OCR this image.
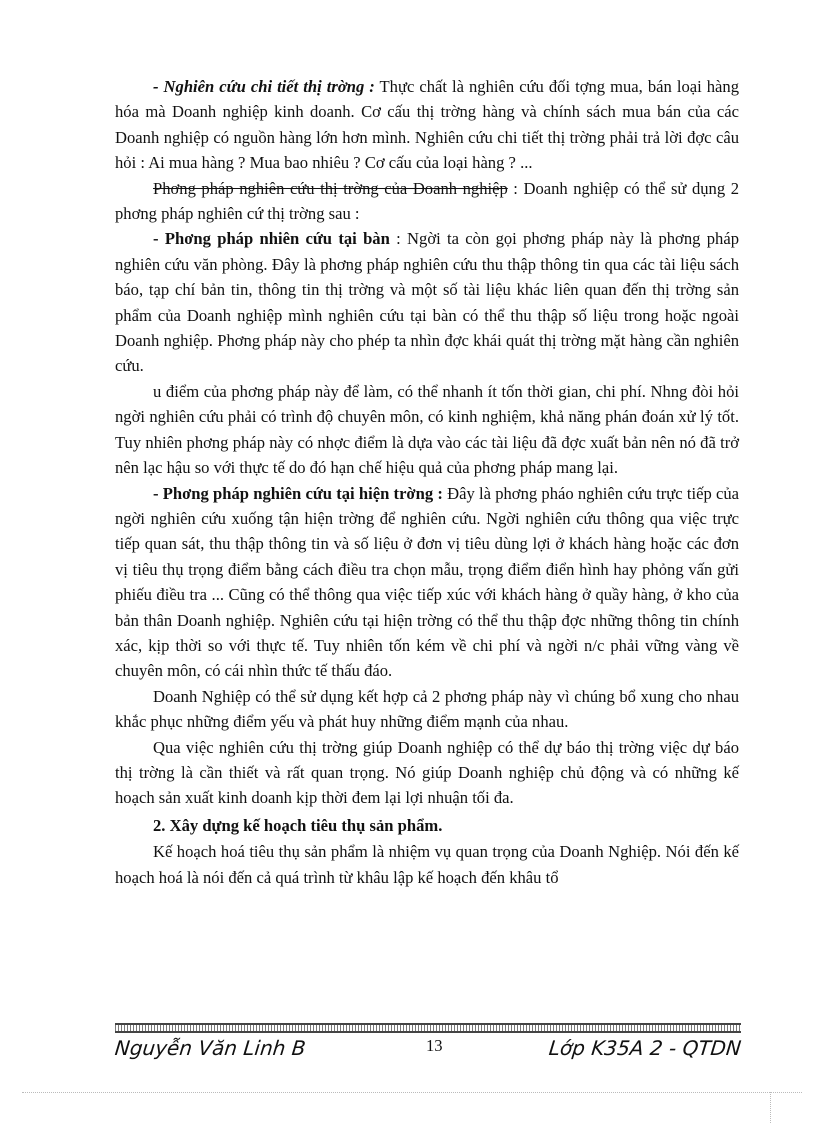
- Nghiên cứu chi tiết thị trờng : Thực chất là nghiên cứu đối tợng mua, bán loại hàng hóa mà Doanh nghiệp kinh doanh. Cơ cấu thị trờng hàng và chính sách mua bán của các Doanh nghiệp có nguồn hàng lớn hơn mình. Nghiên cứu chi tiết thị trờng phải trả lời đợc câu hỏi : Ai mua hàng ? Mua bao nhiêu ? Cơ cấu của loại hàng ? ...

Phơng pháp nghiên cứu thị trờng của Doanh nghiệp : Doanh nghiệp có thể sử dụng 2 phơng pháp nghiên cứ thị trờng sau :

- Phơng pháp nhiên cứu tại bàn : Ngời ta còn gọi phơng pháp này là phơng pháp nghiên cứu văn phòng. Đây là phơng pháp nghiên cứu thu thập thông tin qua các tài liệu sách báo, tạp chí bản tin, thông tin thị trờng và một số tài liệu khác liên quan đến thị trờng sản phẩm của Doanh nghiệp mình nghiên cứu tại bàn có thể thu thập số liệu trong hoặc ngoài Doanh nghiệp. Phơng pháp này cho phép ta nhìn đợc khái quát thị trờng mặt hàng cần nghiên cứu.

u điểm của phơng pháp này để làm, có thể nhanh ít tốn thời gian, chi phí. Nhng đòi hỏi ngời nghiên cứu phải có trình độ chuyên môn, có kinh nghiệm, khả năng phán đoán xử lý tốt. Tuy nhiên phơng pháp này có nhợc điểm là dựa vào các tài liệu đã đợc xuất bản nên nó đã trở nên lạc hậu so với thực tế do đó hạn chế hiệu quả của phơng pháp mang lại.

- Phơng pháp nghiên cứu tại hiện trờng : Đây là phơng pháo nghiên cứu trực tiếp của ngời nghiên cứu xuống tận hiện trờng để nghiên cứu. Ngời nghiên cứu thông qua việc trực tiếp quan sát, thu thập thông tin và số liệu ở đơn vị tiêu dùng lợi ở khách hàng hoặc các đơn vị tiêu thụ trọng điểm bằng cách điều tra chọn mẫu, trọng điểm điển hình hay phỏng vấn gửi phiếu điều tra ... Cũng có thể thông qua việc tiếp xúc với khách hàng ở quầy hàng, ở kho của bản thân Doanh nghiệp. Nghiên cứu tại hiện trờng có thể thu thập đợc những thông tin chính xác, kịp thời so với thực tế. Tuy nhiên tốn kém về chi phí và ngời n/c phải vững vàng về chuyên môn, có cái nhìn thức tế thấu đáo.

Doanh Nghiệp có thể sử dụng kết hợp cả 2 phơng pháp này vì chúng bổ xung cho nhau khắc phục những điểm yếu và phát huy những điểm mạnh của nhau.

Qua việc nghiên cứu thị trờng giúp Doanh nghiệp có thể dự báo thị trờng việc dự báo thị trờng là cần thiết và rất quan trọng. Nó giúp Doanh nghiệp chủ động và có những kế hoạch sản xuất kinh doanh kịp thời đem lại lợi nhuận tối đa.

2. Xây dựng kế hoạch tiêu thụ sản phẩm.

Kế hoạch hoá tiêu thụ sản phẩm là nhiệm vụ quan trọng của Doanh Nghiệp. Nói đến kế hoạch hoá là nói đến cả quá trình từ khâu lập kế hoạch đến khâu tổ

Nguyễn Văn Linh B	13	Lớp K35A 2 - QTDN
